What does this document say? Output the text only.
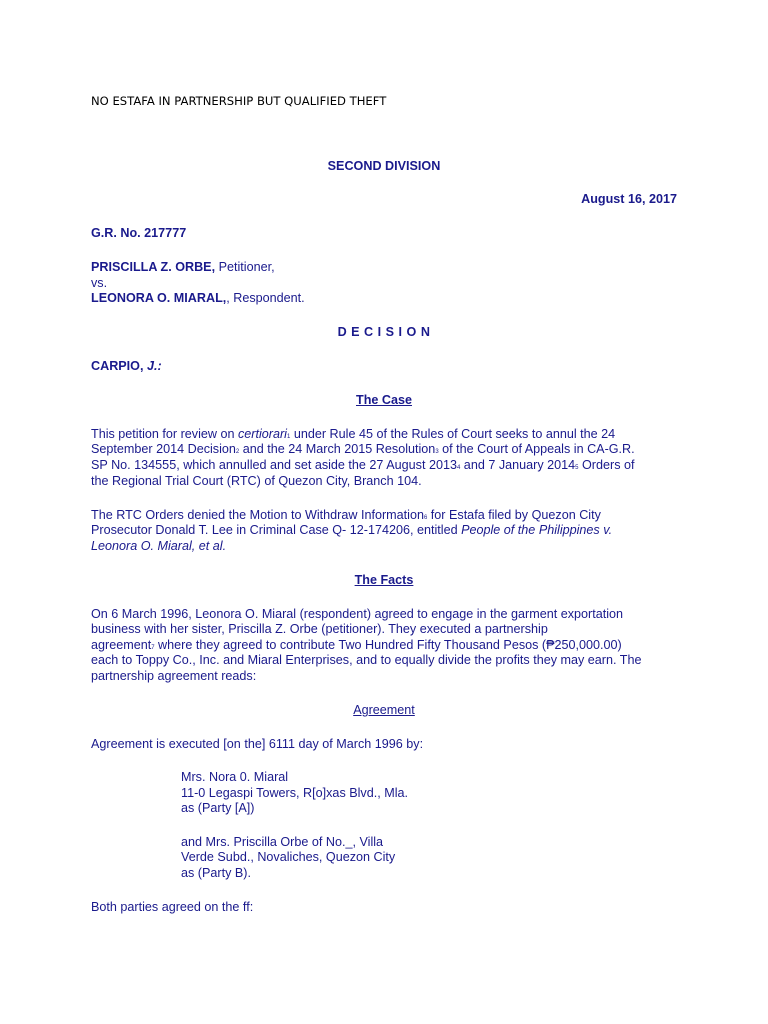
NO ESTAFA IN PARTNERSHIP BUT QUALIFIED THEFT
SECOND DIVISION
August 16, 2017
G.R. No. 217777
PRISCILLA Z. ORBE, Petitioner,
vs.
LEONORA O. MIARAL,, Respondent.
D E C I S I O N
CARPIO, J.:
The Case
This petition for review on certiorari1 under Rule 45 of the Rules of Court seeks to annul the 24
September 2014 Decision2 and the 24 March 2015 Resolution3 of the Court of Appeals in CA-G.R.
SP No. 134555, which annulled and set aside the 27 August 20134 and 7 January 20145 Orders of
the Regional Trial Court (RTC) of Quezon City, Branch 104.
The RTC Orders denied the Motion to Withdraw Information6 for Estafa filed by Quezon City
Prosecutor Donald T. Lee in Criminal Case Q- 12-174206, entitled People of the Philippines v.
Leonora O. Miaral, et al.
The Facts
On 6 March 1996, Leonora O. Miaral (respondent) agreed to engage in the garment exportation
business with her sister, Priscilla Z. Orbe (petitioner). They executed a partnership
agreement7 where they agreed to contribute Two Hundred Fifty Thousand Pesos (₱250,000.00)
each to Toppy Co., Inc. and Miaral Enterprises, and to equally divide the profits they may earn. The
partnership agreement reads:
Agreement
Agreement is executed [on the] 6111 day of March 1996 by:
Mrs. Nora 0. Miaral
11-0 Legaspi Towers, R[o]xas Blvd., Mla.
as (Party [A])
and Mrs. Priscilla Orbe of No._, Villa
Verde Subd., Novaliches, Quezon City
as (Party B).
Both parties agreed on the ff:
